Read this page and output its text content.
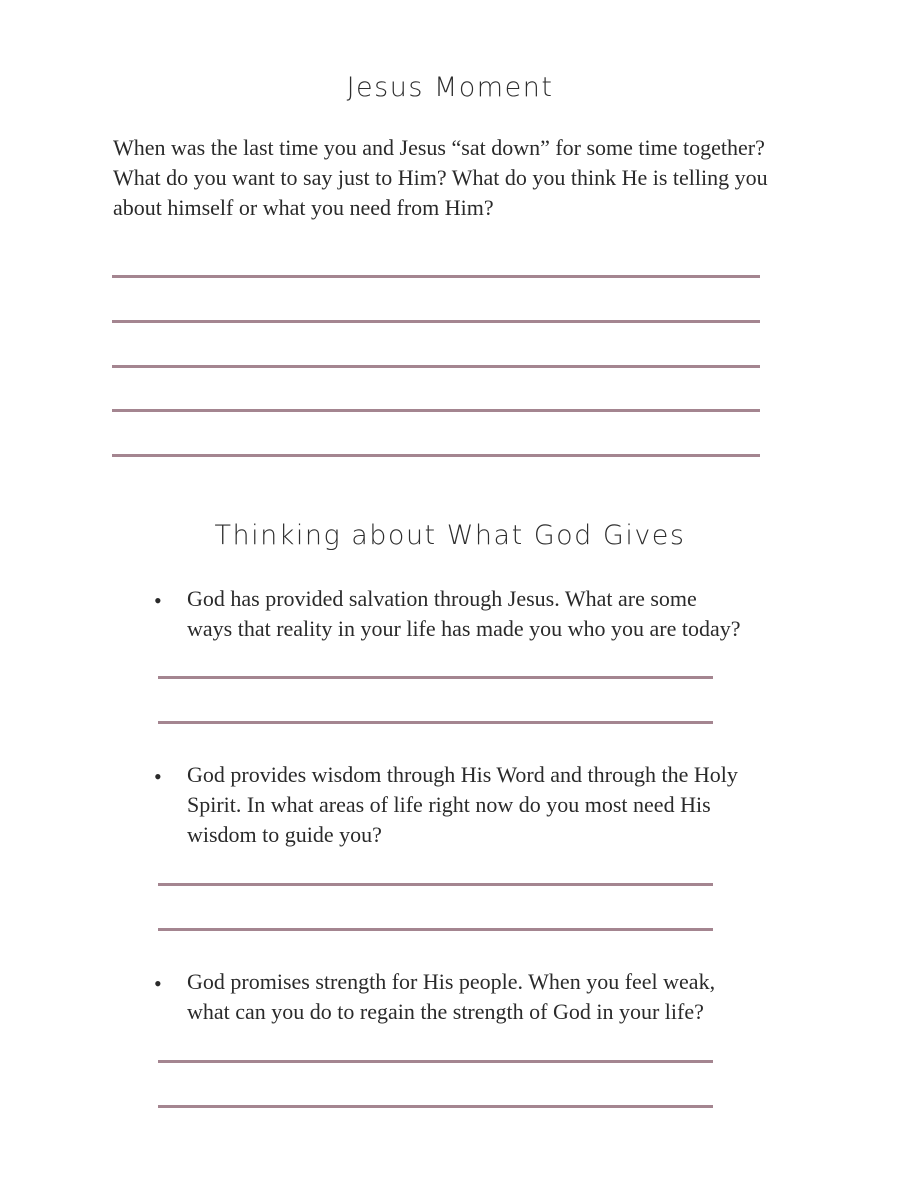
Jesus Moment

When was the last time you and Jesus “sat down” for some time together? What do you want to say just to Him? What do you think He is telling you about himself or what you need from Him?

Thinking about What God Gives
• God has provided salvation through Jesus. What are some ways that reality in your life has made you who you are today?

• God provides wisdom through His Word and through the Holy Spirit. In what areas of life right now do you most need His wisdom to guide you?

• God promises strength for His people. When you feel weak, what can you do to regain the strength of God in your life?
